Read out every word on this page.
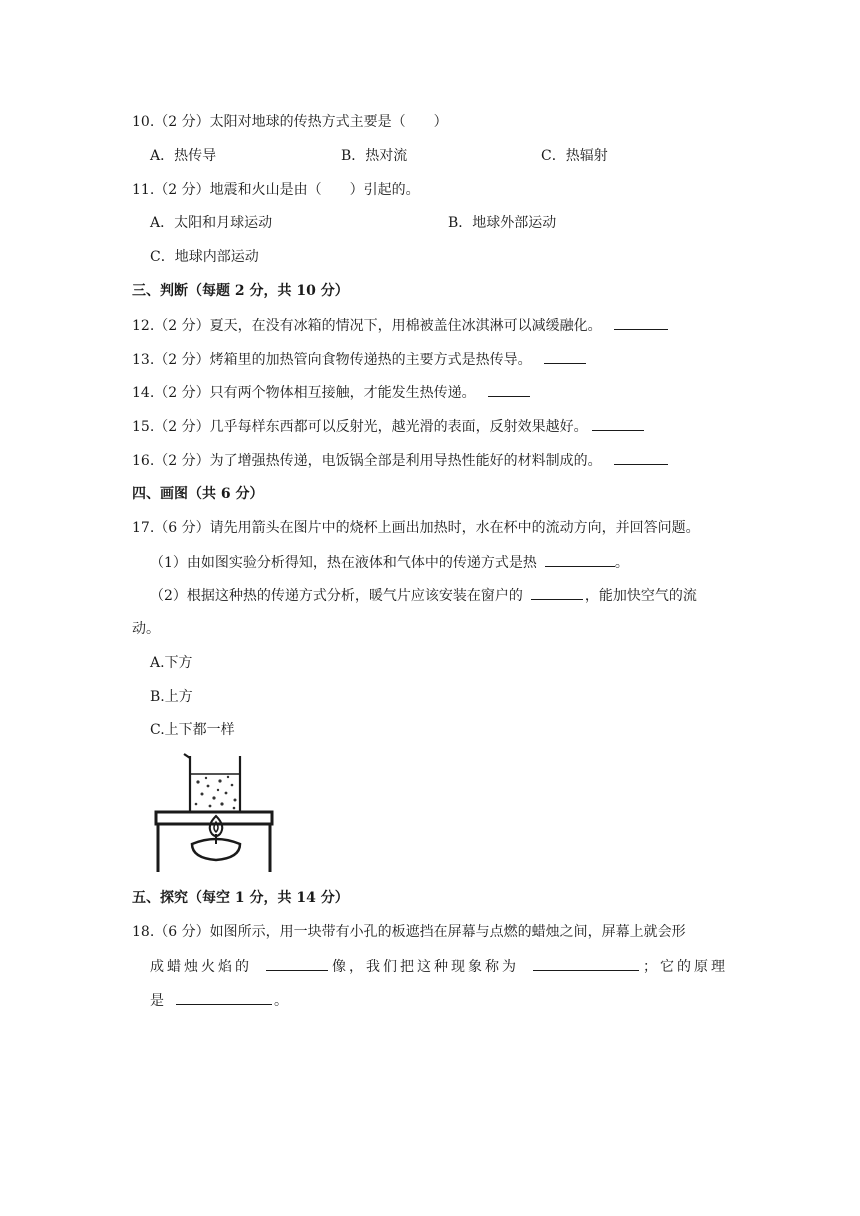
10.（2 分）太阳对地球的传热方式主要是（　　）
A．热传导	B．热对流	C．热辐射
11.（2 分）地震和火山是由（　　）引起的。
A．太阳和月球运动	B．地球外部运动
C．地球内部运动
三、判断（每题 2 分，共 10 分）
12.（2 分）夏天，在没有冰箱的情况下，用棉被盖住冰淇淋可以减缓融化。
13.（2 分）烤箱里的加热管向食物传递热的主要方式是热传导。
14.（2 分）只有两个物体相互接触，才能发生热传递。
15.（2 分）几乎每样东西都可以反射光，越光滑的表面，反射效果越好。
16.（2 分）为了增强热传递，电饭锅全部是利用导热性能好的材料制成的。
四、画图（共 6 分）
17.（6 分）请先用箭头在图片中的烧杯上画出加热时，水在杯中的流动方向，并回答问题。
（1）由如图实验分析得知，热在液体和气体中的传递方式是热	。
（2）根据这种热的传递方式分析，暖气片应该安装在窗户的	，能加快空气的流
动。
A.下方
B.上方
C.上下都一样
五、探究（每空 1 分，共 14 分）
18.（6 分）如图所示，用一块带有小孔的板遮挡在屏幕与点燃的蜡烛之间，屏幕上就会形
成蜡烛火焰的	像，我们把这种现象称为	；它的原理
是	。
